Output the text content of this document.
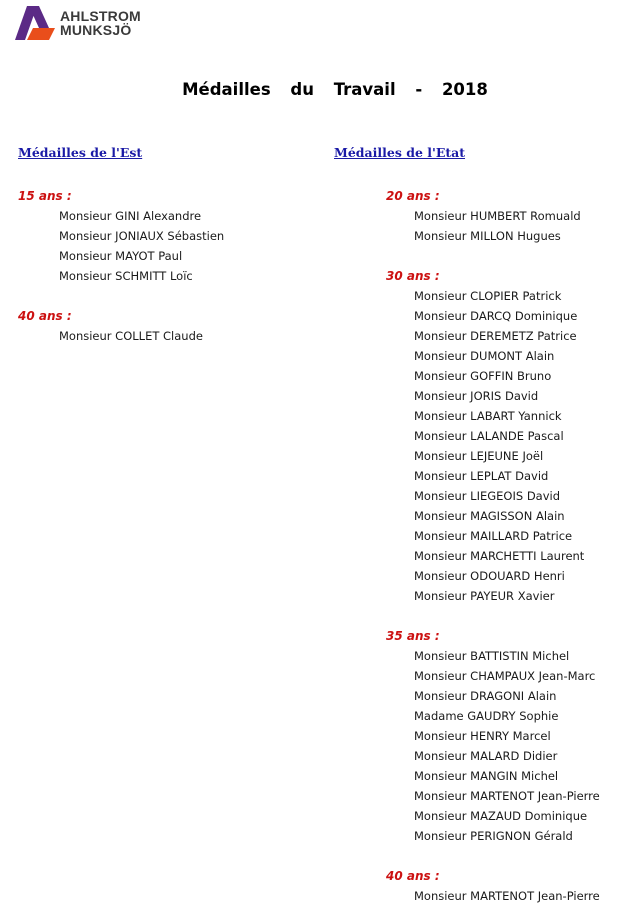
AHLSTROM
MUNKSJÖ
Médailles du Travail - 2018
Médailles de l'Est
15 ans :
Monsieur GINI Alexandre
Monsieur JONIAUX Sébastien
Monsieur MAYOT Paul
Monsieur SCHMITT Loïc
40 ans :
Monsieur COLLET Claude
Médailles de l'Etat
20 ans :
Monsieur HUMBERT Romuald
Monsieur MILLON Hugues
30 ans :
Monsieur CLOPIER Patrick
Monsieur DARCQ Dominique
Monsieur DEREMETZ Patrice
Monsieur DUMONT Alain
Monsieur GOFFIN Bruno
Monsieur JORIS David
Monsieur LABART Yannick
Monsieur LALANDE Pascal
Monsieur LEJEUNE Joël
Monsieur LEPLAT David
Monsieur LIEGEOIS David
Monsieur MAGISSON Alain
Monsieur MAILLARD Patrice
Monsieur MARCHETTI Laurent
Monsieur ODOUARD Henri
Monsieur PAYEUR Xavier
35 ans :
Monsieur BATTISTIN Michel
Monsieur CHAMPAUX Jean-Marc
Monsieur DRAGONI Alain
Madame GAUDRY Sophie
Monsieur HENRY Marcel
Monsieur MALARD Didier
Monsieur MANGIN Michel
Monsieur MARTENOT Jean-Pierre
Monsieur MAZAUD Dominique
Monsieur PERIGNON Gérald
40 ans :
Monsieur MARTENOT Jean-Pierre
